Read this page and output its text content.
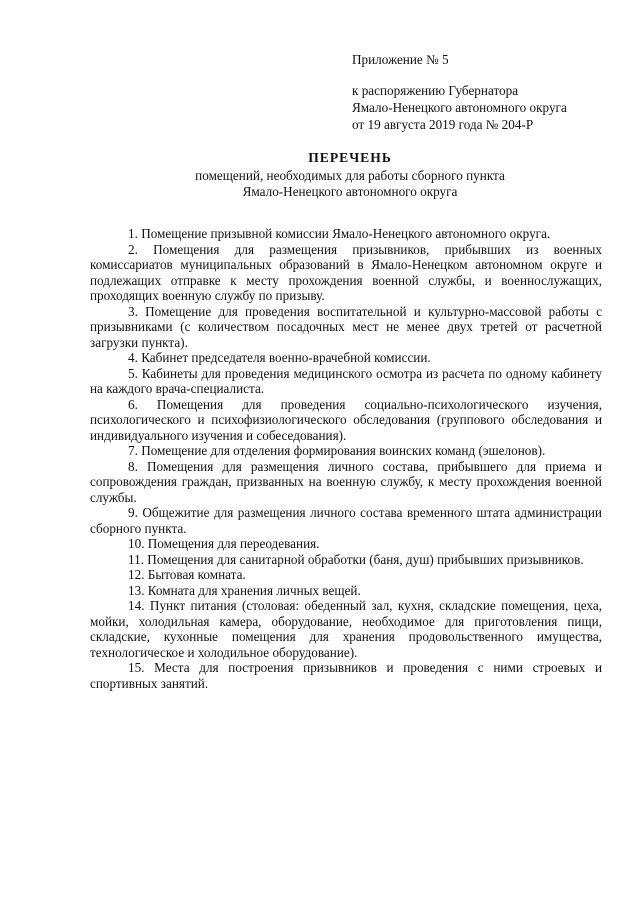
Приложение № 5
к распоряжению Губернатора
Ямало-Ненецкого автономного округа
от 19 августа 2019 года № 204-Р
ПЕРЕЧЕНЬ
помещений, необходимых для работы сборного пункта
Ямало-Ненецкого автономного округа
1. Помещение призывной комиссии Ямало-Ненецкого автономного округа.
2. Помещения для размещения призывников, прибывших из военных комиссариатов муниципальных образований в Ямало-Ненецком автономном округе и подлежащих отправке к месту прохождения военной службы, и военнослужащих, проходящих военную службу по призыву.
3. Помещение для проведения воспитательной и культурно-массовой работы с призывниками (с количеством посадочных мест не менее двух третей от расчетной загрузки пункта).
4. Кабинет председателя военно-врачебной комиссии.
5. Кабинеты для проведения медицинского осмотра из расчета по одному кабинету на каждого врача-специалиста.
6. Помещения для проведения социально-психологического изучения, психологического и психофизиологического обследования (группового обследования и индивидуального изучения и собеседования).
7. Помещение для отделения формирования воинских команд (эшелонов).
8. Помещения для размещения личного состава, прибывшего для приема и сопровождения граждан, призванных на военную службу, к месту прохождения военной службы.
9. Общежитие для размещения личного состава временного штата администрации сборного пункта.
10. Помещения для переодевания.
11. Помещения для санитарной обработки (баня, душ) прибывших призывников.
12. Бытовая комната.
13. Комната для хранения личных вещей.
14. Пункт питания (столовая: обеденный зал, кухня, складские помещения, цеха, мойки, холодильная камера, оборудование, необходимое для приготовления пищи, складские, кухонные помещения для хранения продовольственного имущества, технологическое и холодильное оборудование).
15. Места для построения призывников и проведения с ними строевых и спортивных занятий.
